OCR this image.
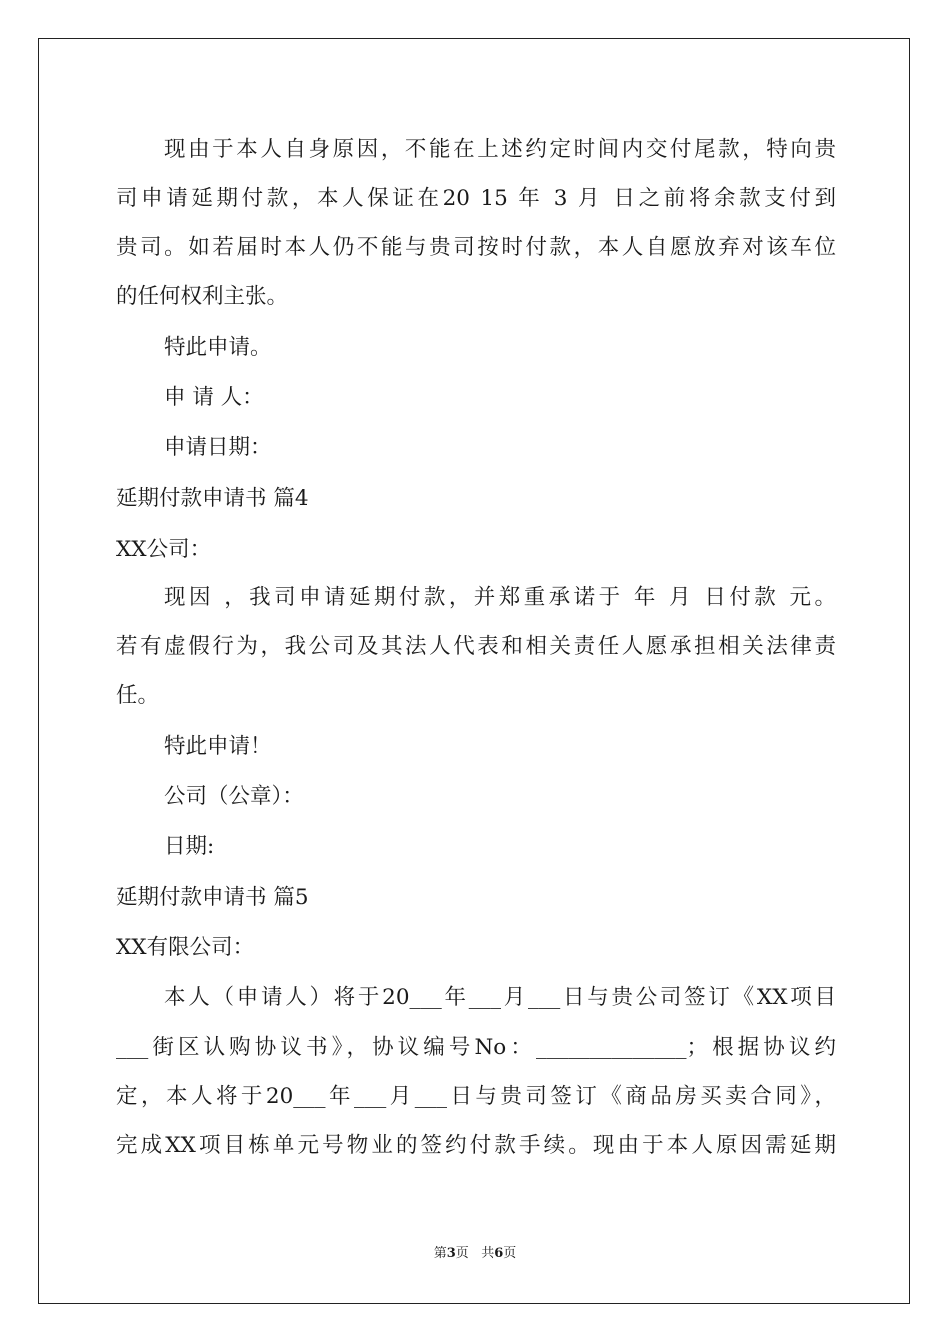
现由于本人自身原因，不能在上述约定时间内交付尾款，特向贵
司申请延期付款，本人保证在20 15 年 3 月 日之前将余款支付到
贵司。如若届时本人仍不能与贵司按时付款，本人自愿放弃对该车位
的任何权利主张。
特此申请。
申 请 人：
申请日期：
延期付款申请书 篇4
XX公司：
现因 ，我司申请延期付款，并郑重承诺于 年 月 日付款 元。
若有虚假行为，我公司及其法人代表和相关责任人愿承担相关法律责
任。
特此申请！
公司（公章）：
日期:
延期付款申请书 篇5
XX有限公司：
本人（申请人）将于20___年___月___日与贵公司签订《XX项目
___街区认购协议书》，协议编号No：______________；根据协议约
定，本人将于20___年___月___日与贵司签订《商品房买卖合同》，
完成XX项目栋单元号物业的签约付款手续。现由于本人原因需延期
第3页   共6页
